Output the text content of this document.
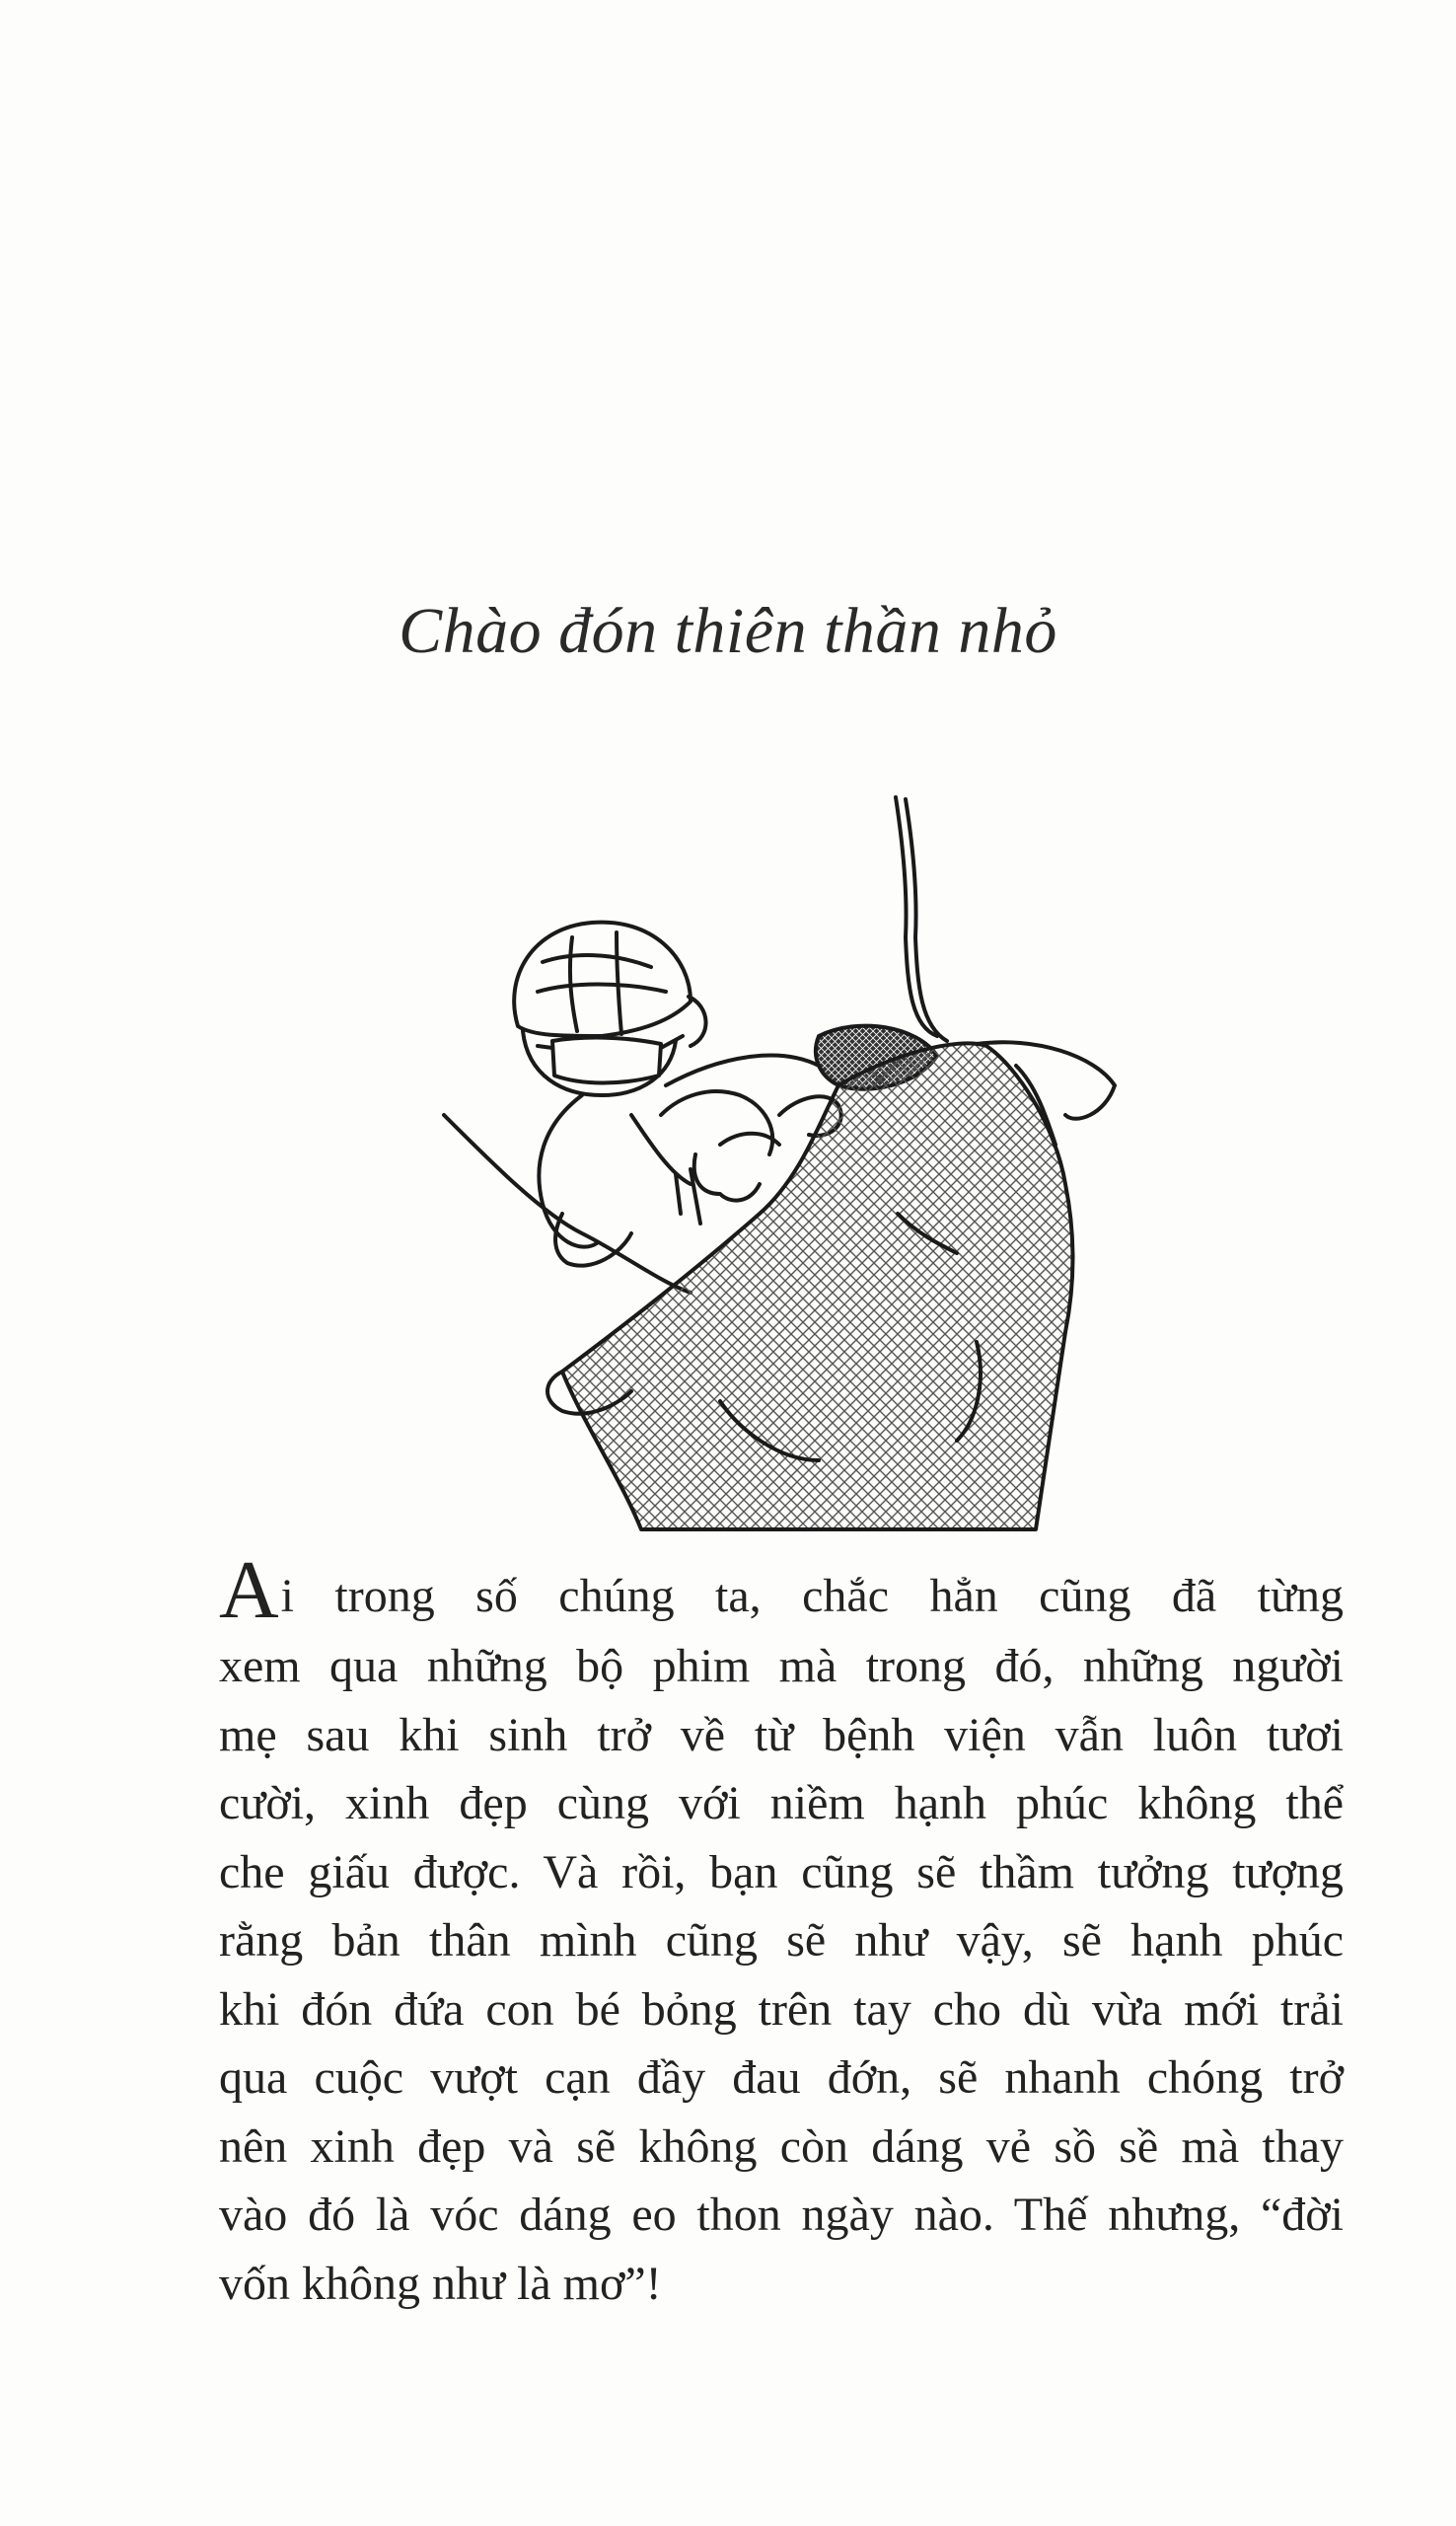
Chào đón thiên thần nhỏ
Ai trong số chúng ta, chắc hẳn cũng đã từng
xem qua những bộ phim mà trong đó, những người
mẹ sau khi sinh trở về từ bệnh viện vẫn luôn tươi
cười, xinh đẹp cùng với niềm hạnh phúc không thể
che giấu được. Và rồi, bạn cũng sẽ thầm tưởng tượng
rằng bản thân mình cũng sẽ như vậy, sẽ hạnh phúc
khi đón đứa con bé bỏng trên tay cho dù vừa mới trải
qua cuộc vượt cạn đầy đau đớn, sẽ nhanh chóng trở
nên xinh đẹp và sẽ không còn dáng vẻ sồ sề mà thay
vào đó là vóc dáng eo thon ngày nào. Thế nhưng, “đời
vốn không như là mơ”!
